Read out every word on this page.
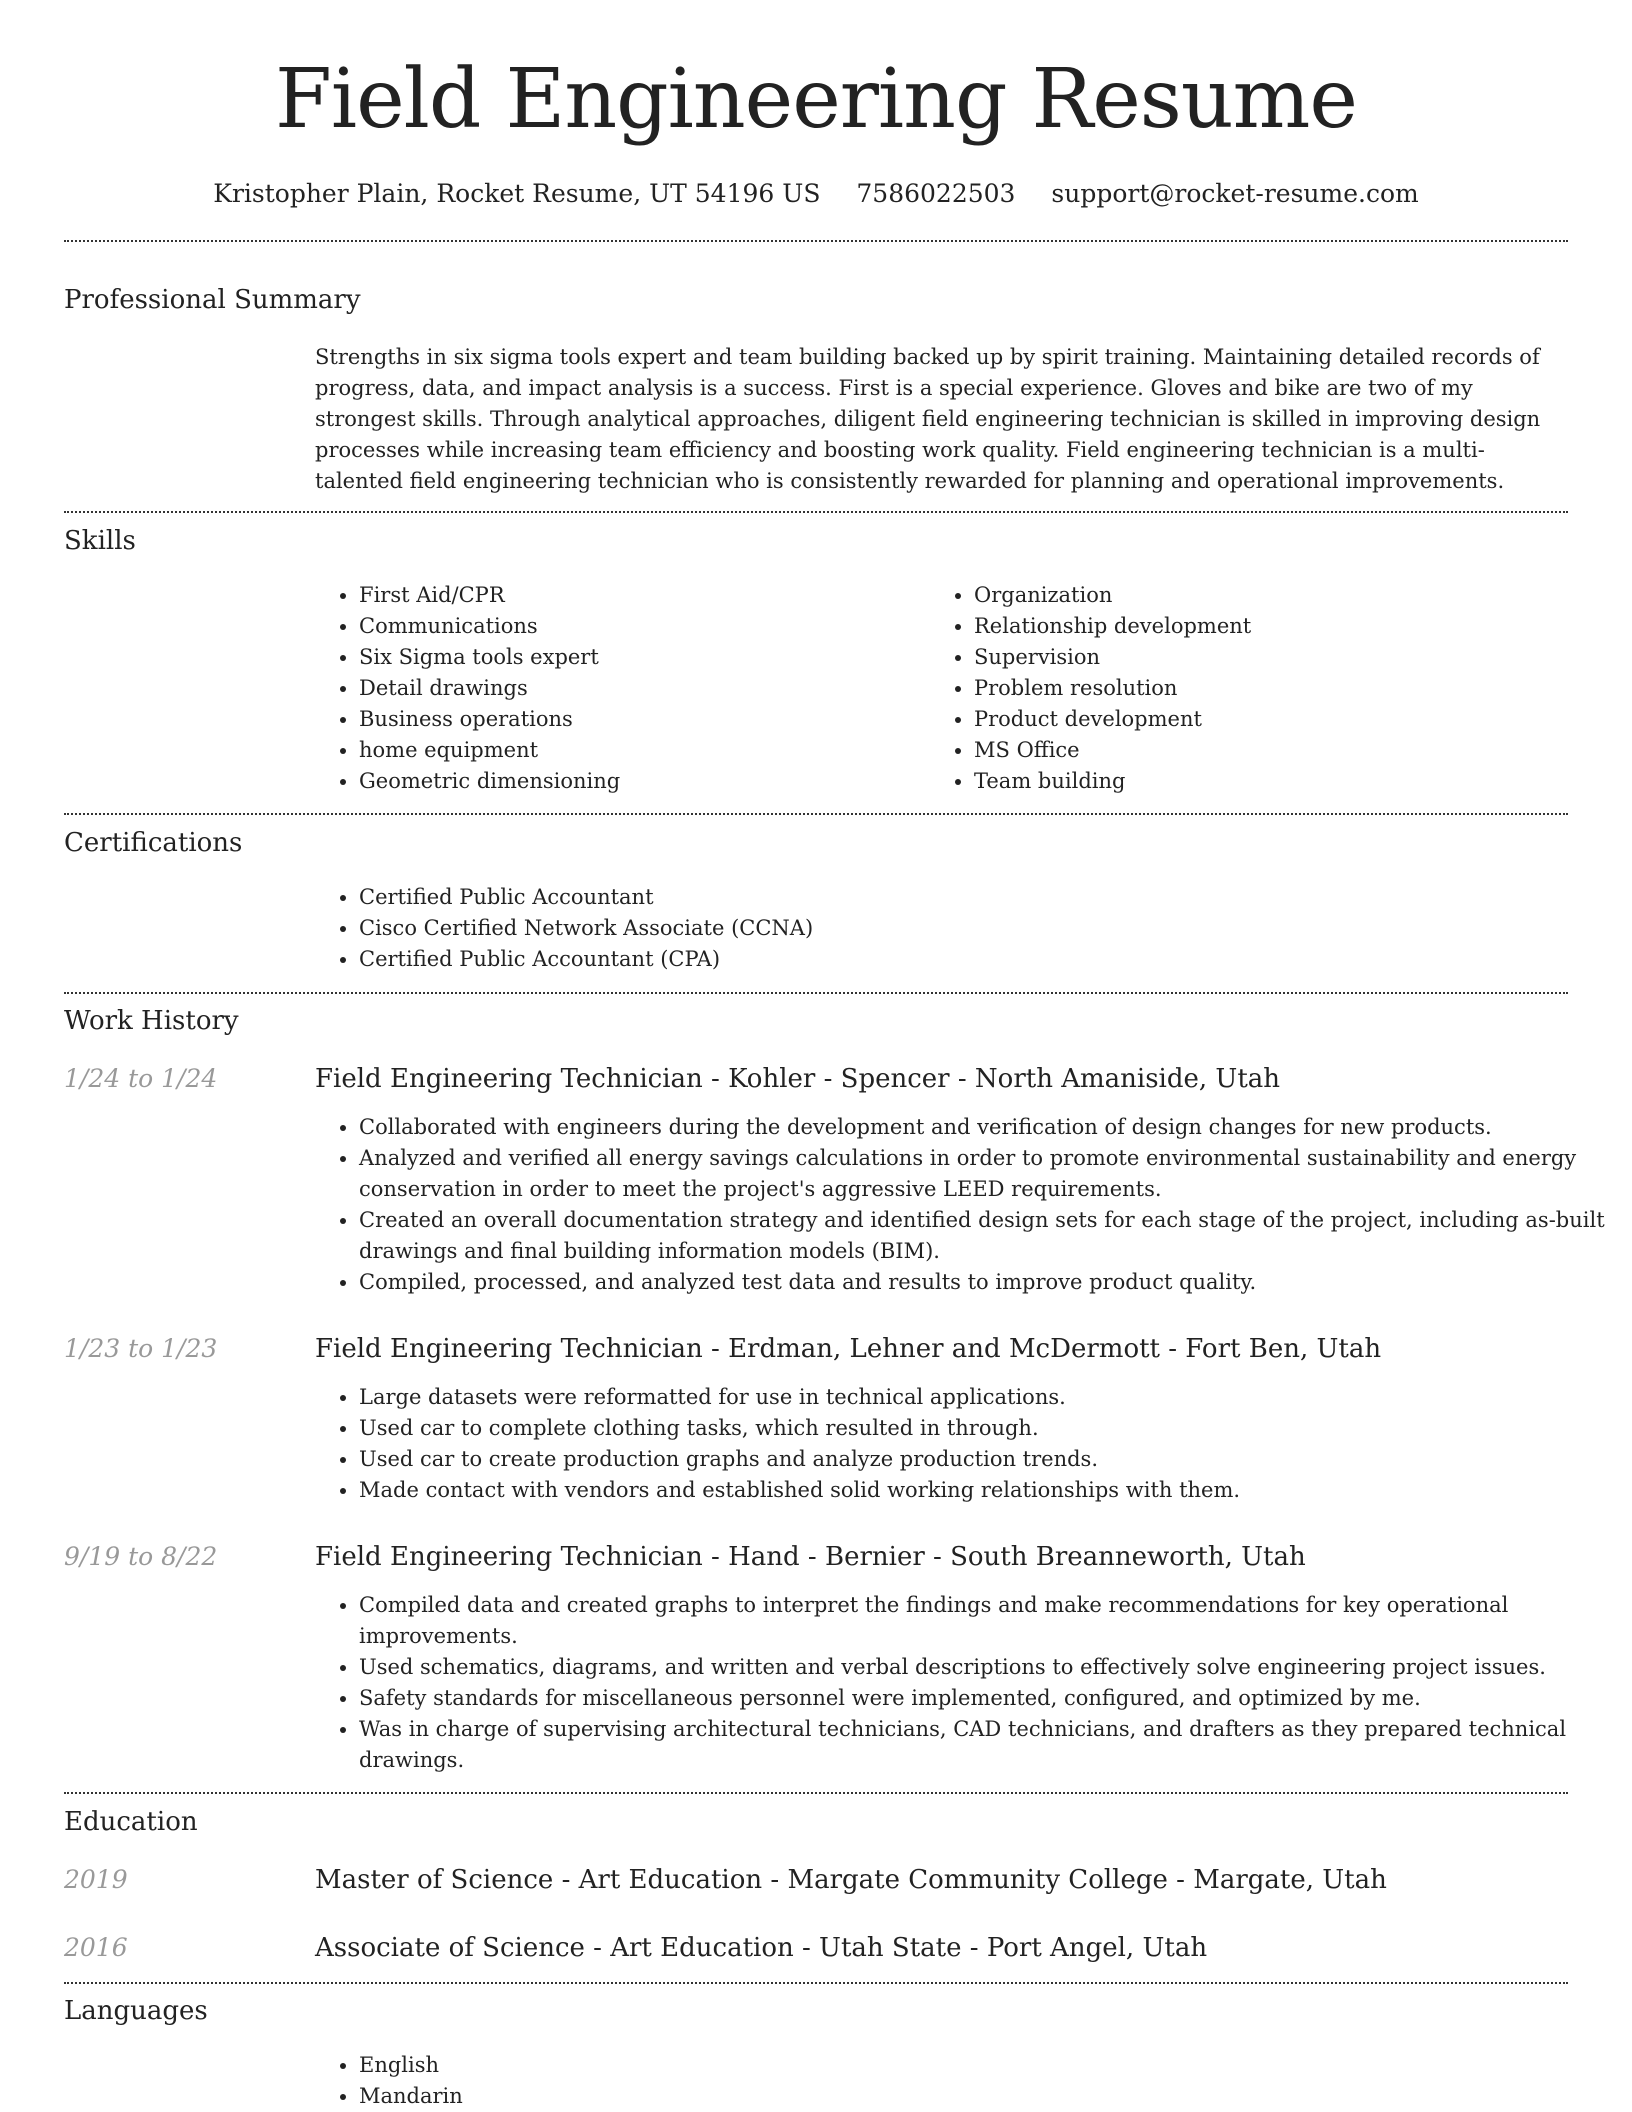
Field Engineering Resume
Kristopher Plain, Rocket Resume, UT 54196 US 7586022503 support@rocket-resume.com
Professional Summary
Strengths in six sigma tools expert and team building backed up by spirit training. Maintaining detailed records of progress, data, and impact analysis is a success. First is a special experience. Gloves and bike are two of my strongest skills. Through analytical approaches, diligent field engineering technician is skilled in improving design processes while increasing team efficiency and boosting work quality. Field engineering technician is a multi-talented field engineering technician who is consistently rewarded for planning and operational improvements.
Skills
• First Aid/CPR
• Communications
• Six Sigma tools expert
• Detail drawings
• Business operations
• home equipment
• Geometric dimensioning
• Organization
• Relationship development
• Supervision
• Problem resolution
• Product development
• MS Office
• Team building
Certifications
• Certified Public Accountant
• Cisco Certified Network Associate (CCNA)
• Certified Public Accountant (CPA)
Work History
1/24 to 1/24	Field Engineering Technician - Kohler - Spencer - North Amaniside, Utah
• Collaborated with engineers during the development and verification of design changes for new products.
• Analyzed and verified all energy savings calculations in order to promote environmental sustainability and energy conservation in order to meet the project's aggressive LEED requirements.
• Created an overall documentation strategy and identified design sets for each stage of the project, including as-built drawings and final building information models (BIM).
• Compiled, processed, and analyzed test data and results to improve product quality.
1/23 to 1/23	Field Engineering Technician - Erdman, Lehner and McDermott - Fort Ben, Utah
• Large datasets were reformatted for use in technical applications.
• Used car to complete clothing tasks, which resulted in through.
• Used car to create production graphs and analyze production trends.
• Made contact with vendors and established solid working relationships with them.
9/19 to 8/22	Field Engineering Technician - Hand - Bernier - South Breanneworth, Utah
• Compiled data and created graphs to interpret the findings and make recommendations for key operational improvements.
• Used schematics, diagrams, and written and verbal descriptions to effectively solve engineering project issues.
• Safety standards for miscellaneous personnel were implemented, configured, and optimized by me.
• Was in charge of supervising architectural technicians, CAD technicians, and drafters as they prepared technical drawings.
Education
2019	Master of Science - Art Education - Margate Community College - Margate, Utah
2016	Associate of Science - Art Education - Utah State - Port Angel, Utah
Languages
• English
• Mandarin
